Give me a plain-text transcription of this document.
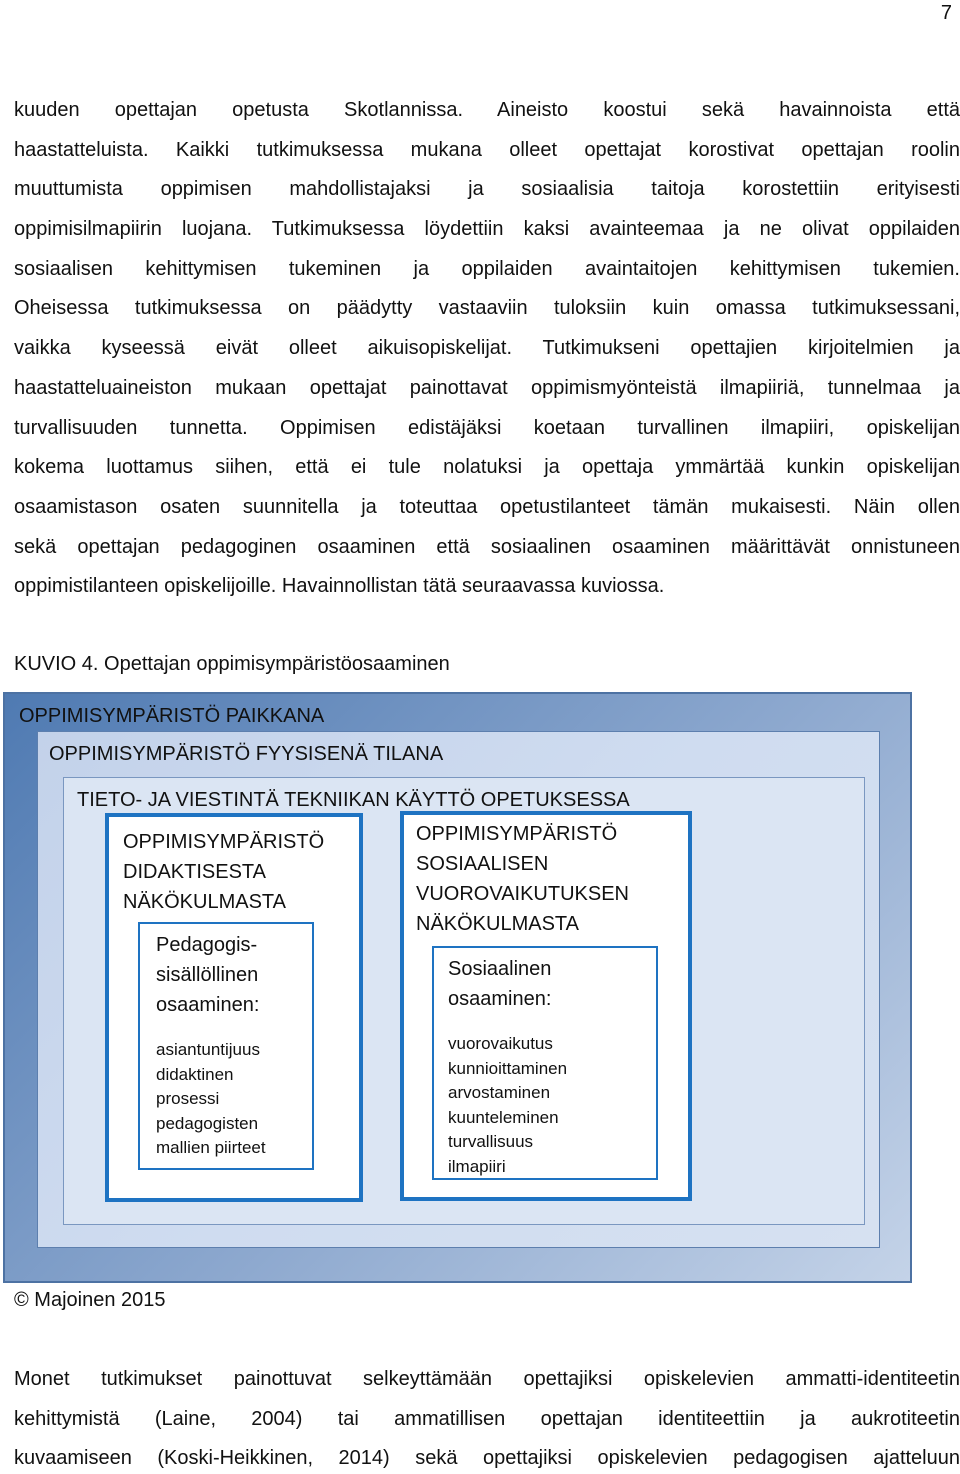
7
kuuden opettajan opetusta Skotlannissa. Aineisto koostui sekä havainnoista että
haastatteluista. Kaikki tutkimuksessa mukana olleet opettajat korostivat opettajan roolin
muuttumista oppimisen mahdollistajaksi ja sosiaalisia taitoja korostettiin erityisesti
oppimisilmapiirin luojana. Tutkimuksessa löydettiin kaksi avainteemaa ja ne olivat oppilaiden
sosiaalisen kehittymisen tukeminen ja oppilaiden avaintaitojen kehittymisen tukemien.
Oheisessa tutkimuksessa on päädytty vastaaviin tuloksiin kuin omassa tutkimuksessani,
vaikka kyseessä eivät olleet aikuisopiskelijat. Tutkimukseni opettajien kirjoitelmien ja
haastatteluaineiston mukaan opettajat painottavat oppimismyönteistä ilmapiiriä, tunnelmaa ja
turvallisuuden tunnetta. Oppimisen edistäjäksi koetaan turvallinen ilmapiiri, opiskelijan
kokema luottamus siihen, että ei tule nolatuksi ja opettaja ymmärtää kunkin opiskelijan
osaamistason osaten suunnitella ja toteuttaa opetustilanteet tämän mukaisesti. Näin ollen
sekä opettajan pedagoginen osaaminen että sosiaalinen osaaminen määrittävät onnistuneen
oppimistilanteen opiskelijoille. Havainnollistan tätä seuraavassa kuviossa.
KUVIO 4. Opettajan oppimisympäristöosaaminen
OPPIMISYMPÄRISTÖ PAIKKANA
OPPIMISYMPÄRISTÖ FYYSISENÄ TILANA
TIETO- JA VIESTINTÄ TEKNIIKAN KÄYTTÖ OPETUKSESSA
OPPIMISYMPÄRISTÖ
DIDAKTISESTA
NÄKÖKULMASTA
Pedagogis-
sisällöllinen
osaaminen:
asiantuntijuus
didaktinen
prosessi
pedagogisten
mallien piirteet
OPPIMISYMPÄRISTÖ
SOSIAALISEN
VUOROVAIKUTUKSEN
NÄKÖKULMASTA
Sosiaalinen
osaaminen:
vuorovaikutus
kunnioittaminen
arvostaminen
kuunteleminen
turvallisuus
ilmapiiri
© Majoinen 2015
Monet tutkimukset painottuvat selkeyttämään opettajiksi opiskelevien ammatti-identiteetin
kehittymistä (Laine, 2004) tai ammatillisen opettajan identiteettiin ja aukrotiteetin
kuvaamiseen (Koski-Heikkinen, 2014) sekä opettajiksi opiskelevien pedagogisen ajatteluun
